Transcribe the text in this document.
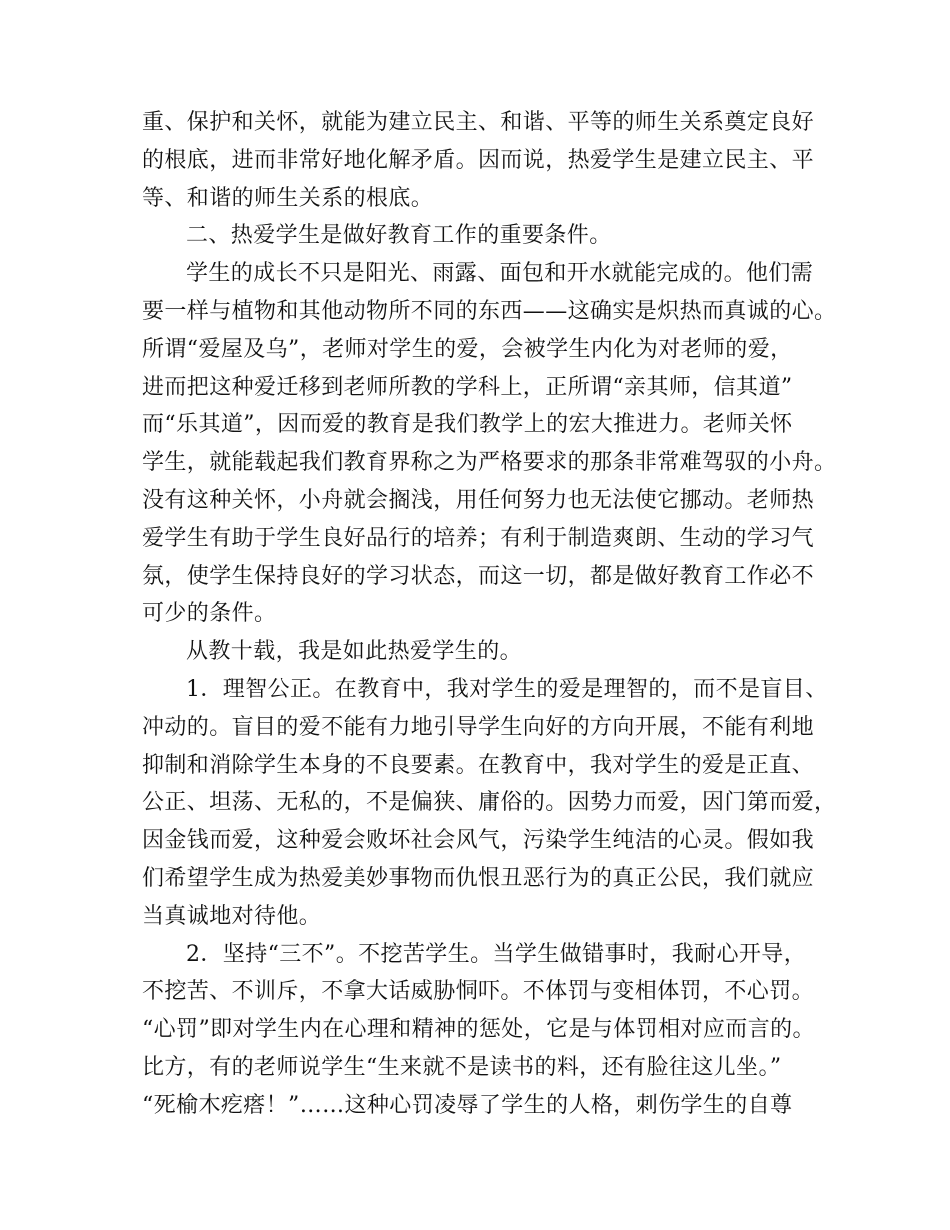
重、保护和关怀，就能为建立民主、和谐、平等的师生关系奠定良好
的根底，进而非常好地化解矛盾。因而说，热爱学生是建立民主、平
等、和谐的师生关系的根底。
二、热爱学生是做好教育工作的重要条件。
学生的成长不只是阳光、雨露、面包和开水就能完成的。他们需
要一样与植物和其他动物所不同的东西——这确实是炽热而真诚的心。
所谓“爱屋及乌”，老师对学生的爱，会被学生内化为对老师的爱，
进而把这种爱迁移到老师所教的学科上，正所谓“亲其师，信其道”
而“乐其道”，因而爱的教育是我们教学上的宏大推进力。老师关怀
学生，就能载起我们教育界称之为严格要求的那条非常难驾驭的小舟。
没有这种关怀，小舟就会搁浅，用任何努力也无法使它挪动。老师热
爱学生有助于学生良好品行的培养；有利于制造爽朗、生动的学习气
氛，使学生保持良好的学习状态，而这一切，都是做好教育工作必不
可少的条件。
从教十载，我是如此热爱学生的。
1．理智公正。在教育中，我对学生的爱是理智的，而不是盲目、
冲动的。盲目的爱不能有力地引导学生向好的方向开展，不能有利地
抑制和消除学生本身的不良要素。在教育中，我对学生的爱是正直、
公正、坦荡、无私的，不是偏狭、庸俗的。因势力而爱，因门第而爱，
因金钱而爱，这种爱会败坏社会风气，污染学生纯洁的心灵。假如我
们希望学生成为热爱美妙事物而仇恨丑恶行为的真正公民，我们就应
当真诚地对待他。
2．坚持“三不”。不挖苦学生。当学生做错事时，我耐心开导，
不挖苦、不训斥，不拿大话威胁恫吓。不体罚与变相体罚，不心罚。
“心罚”即对学生内在心理和精神的惩处，它是与体罚相对应而言的。
比方，有的老师说学生“生来就不是读书的料，还有脸往这儿坐。”
“死榆木疙瘩！”……这种心罚凌辱了学生的人格，刺伤学生的自尊
